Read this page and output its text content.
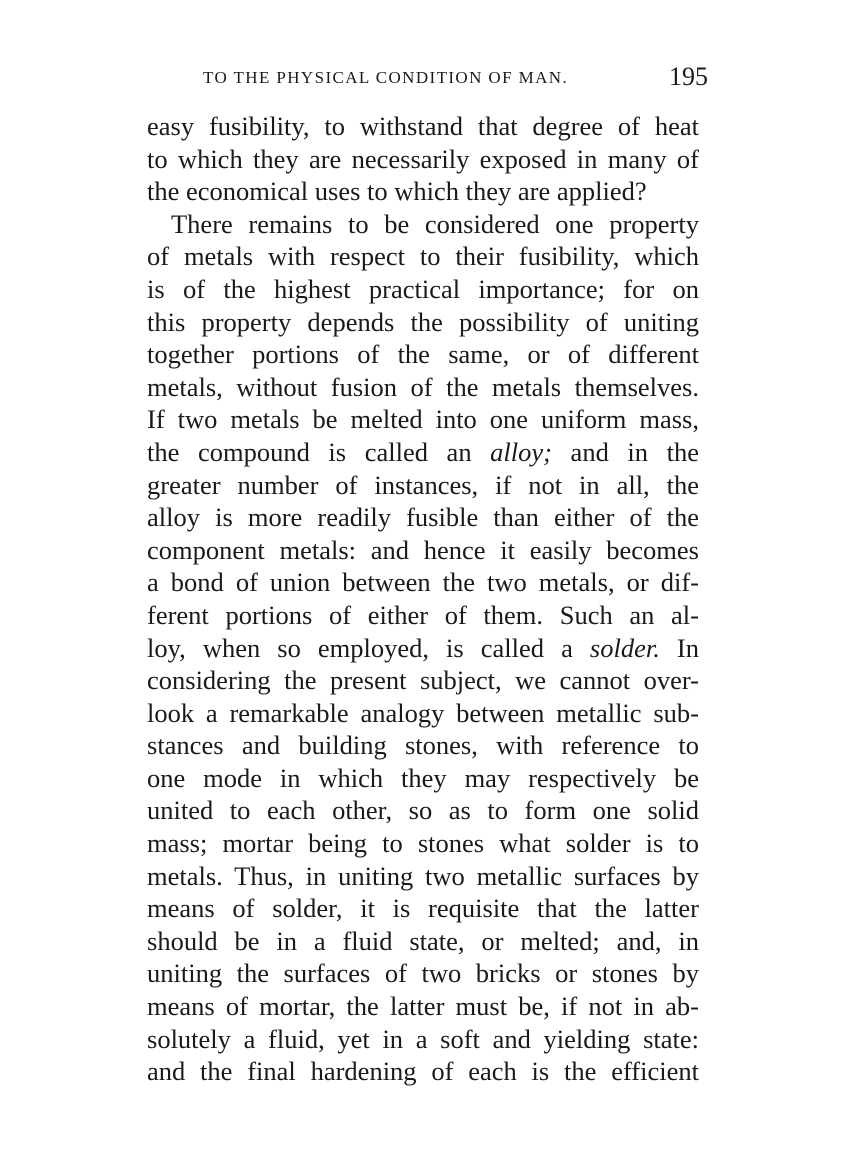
TO THE PHYSICAL CONDITION OF MAN.	195
easy fusibility, to withstand that degree of heat
to which they are necessarily exposed in many of
the economical uses to which they are applied?
There remains to be considered one property
of metals with respect to their fusibility, which
is of the highest practical importance; for on
this property depends the possibility of uniting
together portions of the same, or of different
metals, without fusion of the metals themselves.
If two metals be melted into one uniform mass,
the compound is called an alloy; and in the
greater number of instances, if not in all, the
alloy is more readily fusible than either of the
component metals: and hence it easily becomes
a bond of union between the two metals, or dif-
ferent portions of either of them. Such an al-
loy, when so employed, is called a solder. In
considering the present subject, we cannot over-
look a remarkable analogy between metallic sub-
stances and building stones, with reference to
one mode in which they may respectively be
united to each other, so as to form one solid
mass; mortar being to stones what solder is to
metals. Thus, in uniting two metallic surfaces by
means of solder, it is requisite that the latter
should be in a fluid state, or melted; and, in
uniting the surfaces of two bricks or stones by
means of mortar, the latter must be, if not in ab-
solutely a fluid, yet in a soft and yielding state:
and the final hardening of each is the efficient
